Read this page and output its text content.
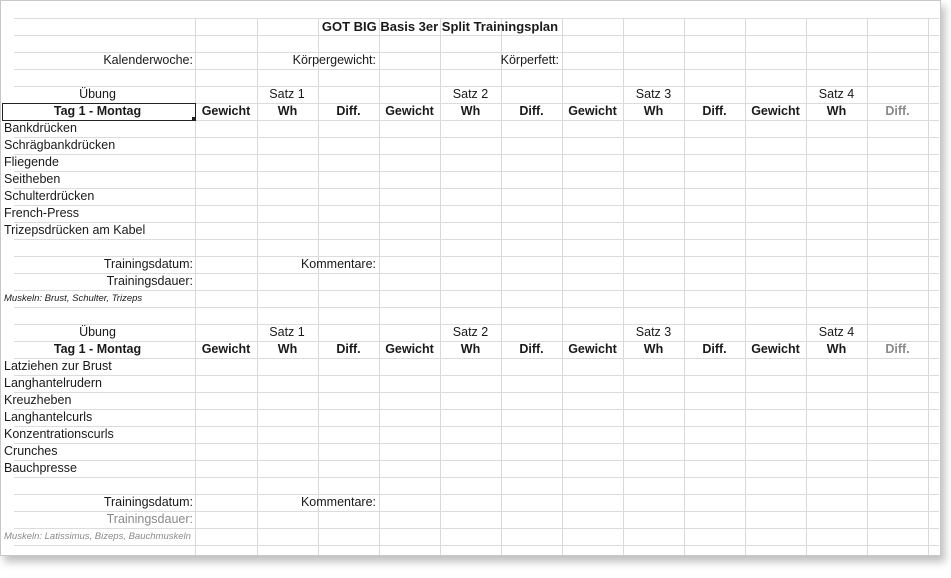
GOT BIG Basis 3er Split Trainingsplan
Kalenderwoche:	Körpergewicht:	Körperfett:
Übung	Satz 1	Satz 2	Satz 3	Satz 4
Tag 1 - Montag	Gewicht	Wh	Diff.	Gewicht	Wh	Diff.	Gewicht	Wh	Diff.	Gewicht	Wh	Diff.
Bankdrücken
Schrägbankdrücken
Fliegende
Seitheben
Schulterdrücken
French-Press
Trizepsdrücken am Kabel
Trainingsdatum:	Kommentare:
Trainingsdauer:
Muskeln: Brust, Schulter, Trizeps
Übung	Satz 1	Satz 2	Satz 3	Satz 4
Tag 1 - Montag	Gewicht	Wh	Diff.	Gewicht	Wh	Diff.	Gewicht	Wh	Diff.	Gewicht	Wh	Diff.
Latziehen zur Brust
Langhantelrudern
Kreuzheben
Langhantelcurls
Konzentrationscurls
Crunches
Bauchpresse
Trainingsdatum:	Kommentare:
Trainingsdauer:
Muskeln: Latissimus, Bizeps, Bauchmuskeln
